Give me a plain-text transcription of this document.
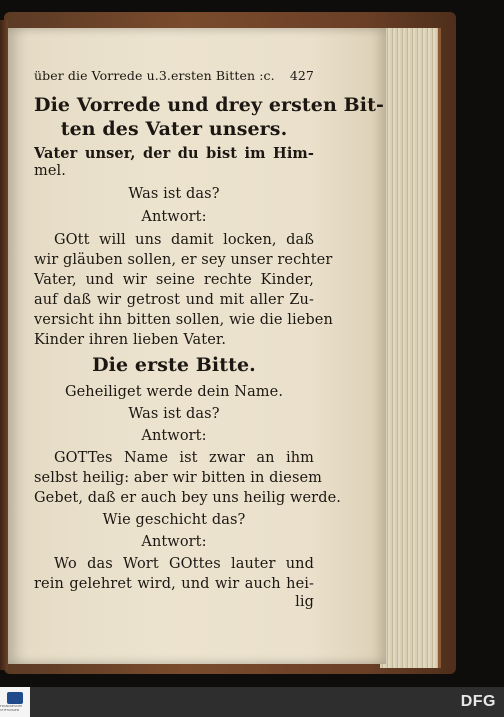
über die Vorrede u.3.ersten Bitten :c. 427
Die Vorrede und drey ersten Bit-
ten des Vater unsers.
Vater unser, der du bist im Him-
mel.
Was ist das?
Antwort:
GOtt will uns damit locken, daß
wir gläuben sollen, er sey unser rechter
Vater, und wir seine rechte Kinder,
auf daß wir getrost und mit aller Zu-
versicht ihn bitten sollen, wie die lieben
Kinder ihren lieben Vater.
Die erste Bitte.
Geheiliget werde dein Name.
Was ist das?
Antwort:
GOTTes Name ist zwar an ihm
selbst heilig: aber wir bitten in diesem
Gebet, daß er auch bey uns heilig werde.
Wie geschicht das?
Antwort:
Wo das Wort GOttes lauter und
rein gelehret wird, und wir auch hei-
lig
FRANCKESCHE STIFTUNGEN	DFG
